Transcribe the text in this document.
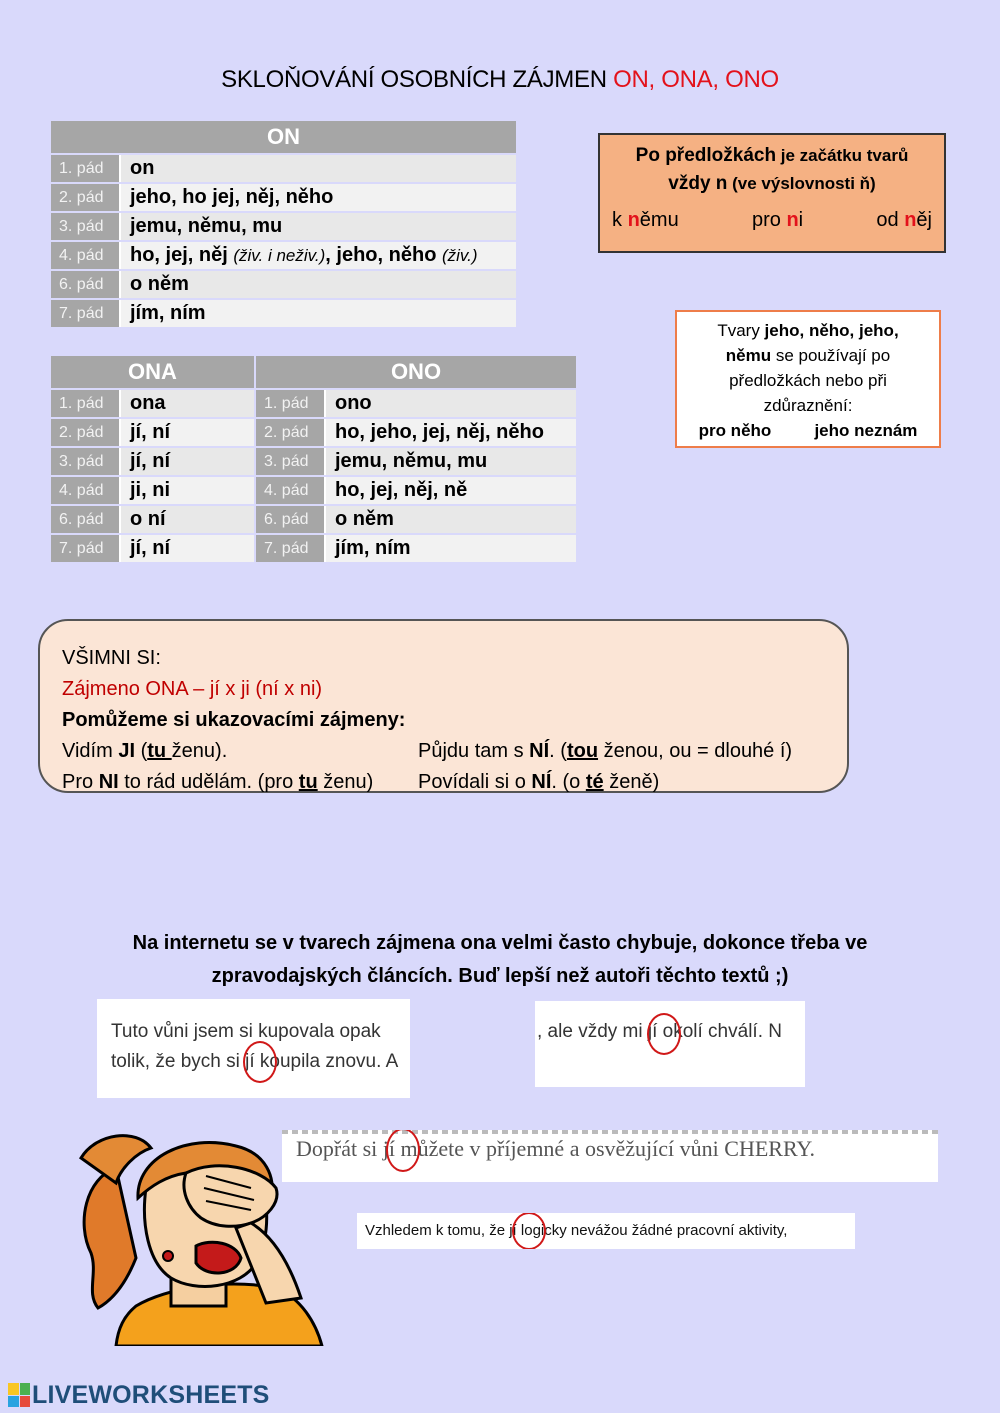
SKLOŇOVÁNÍ OSOBNÍCH ZÁJMEN ON, ONA, ONO
ON	
1. pád	on
2. pád	jeho, ho jej, něj, něho
3. pád	jemu, němu, mu
4. pád	ho, jej, něj (živ. i neživ.), jeho, něho (živ.)
6. pád	o něm
7. pád	jím, ním
ONA	
1. pád	ona
2. pád	jí, ní
3. pád	jí, ní
4. pád	ji, ni
6. pád	o ní
7. pád	jí, ní
ONO	
1. pád	ono
2. pád	ho, jeho, jej, něj, něho
3. pád	jemu, němu, mu
4. pád	ho, jej, něj, ně
6. pád	o něm
7. pád	jím, ním
Po předložkách je začátku tvarů
vždy n (ve výslovnosti ň)
k němu	pro ni	od něj
Tvary jeho, něho, jeho,
němu se používají po
předložkách nebo při
zdůraznění:
pro něho	jeho neznám
VŠIMNI SI:
Zájmeno ONA – jí x ji (ní x ni)
Pomůžeme si ukazovacími zájmeny:
Vidím JI (tu ženu).	Půjdu tam s NÍ. (tou ženou, ou = dlouhé í)
Pro NI to rád udělám. (pro tu ženu)	Povídali si o NÍ. (o té ženě)
Na internetu se v tvarech zájmena ona velmi často chybuje, dokonce třeba ve
zpravodajských článcích. Buď lepší než autoři těchto textů ;)
Tuto vůni jsem si kupovala opak
tolik, že bych si jí koupila znovu. A
, ale vždy mi jí okolí chválí. N
Dopřát si jí můžete v příjemné a osvěžující vůni CHERRY.
Vzhledem k tomu, že jí logicky nevážou žádné pracovní aktivity,
LIVEWORKSHEETS
